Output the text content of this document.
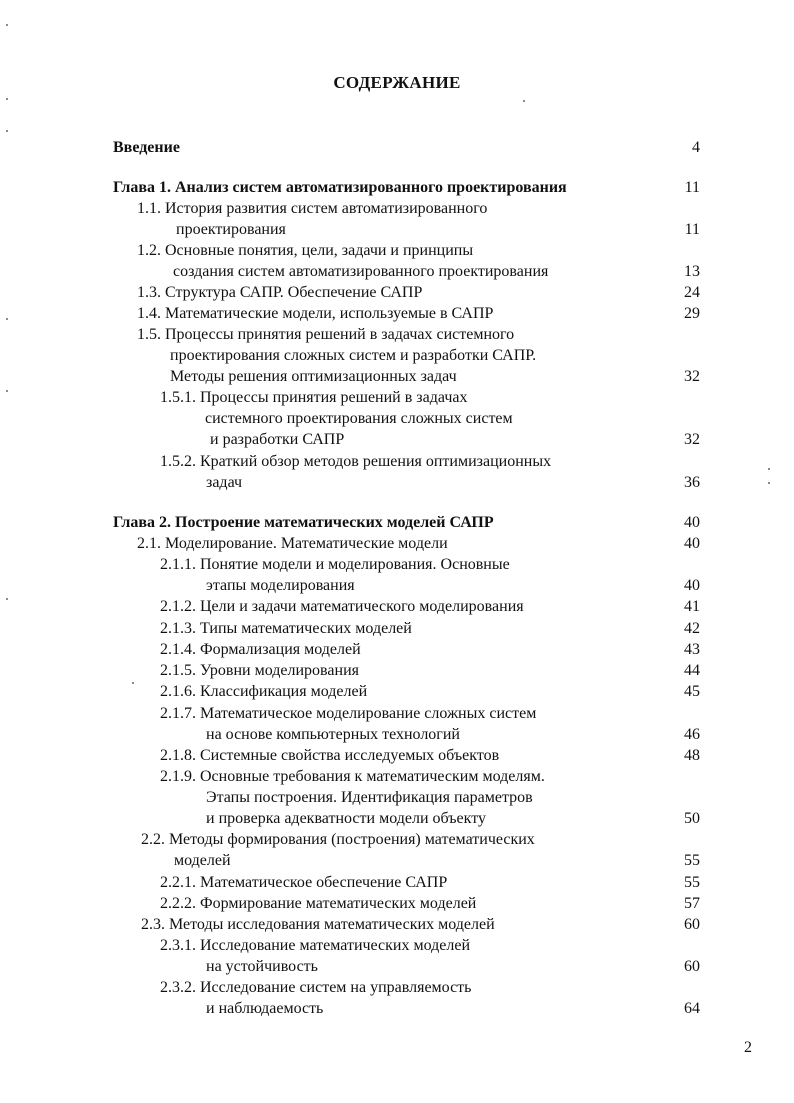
СОДЕРЖАНИЕ
Введение	4
Глава 1. Анализ систем автоматизированного проектирования	11
1.1. История развития систем автоматизированного
проектирования	11
1.2. Основные понятия, цели, задачи и принципы
создания систем автоматизированного проектирования	13
1.3. Структура САПР. Обеспечение САПР	24
1.4. Математические модели, используемые в САПР	29
1.5. Процессы принятия решений в задачах системного
проектирования сложных систем и разработки САПР.
Методы решения оптимизационных задач	32
1.5.1. Процессы принятия решений в задачах
системного проектирования сложных систем
и разработки САПР	32
1.5.2. Краткий обзор методов решения оптимизационных
задач	36
Глава 2. Построение математических моделей САПР	40
2.1. Моделирование. Математические модели	40
2.1.1. Понятие модели и моделирования. Основные
этапы моделирования	40
2.1.2. Цели и задачи математического моделирования	41
2.1.3. Типы математических моделей	42
2.1.4. Формализация моделей	43
2.1.5. Уровни моделирования	44
2.1.6. Классификация моделей	45
2.1.7. Математическое моделирование сложных систем
на основе компьютерных технологий	46
2.1.8. Системные свойства исследуемых объектов	48
2.1.9. Основные требования к математическим моделям.
Этапы построения. Идентификация параметров
и проверка адекватности модели объекту	50
2.2. Методы формирования (построения) математических
моделей	55
2.2.1. Математическое обеспечение САПР	55
2.2.2. Формирование математических моделей	57
2.3. Методы исследования математических моделей	60
2.3.1. Исследование математических моделей
на устойчивость	60
2.3.2. Исследование систем на управляемость
и наблюдаемость	64
2
